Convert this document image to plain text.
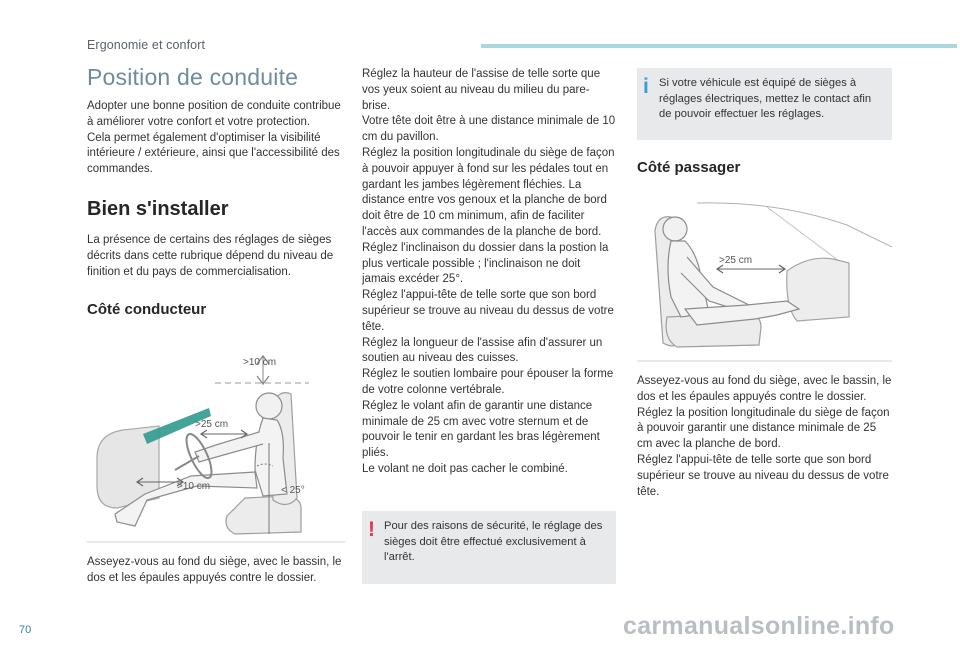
Ergonomie et confort
Position de conduite

Adopter une bonne position de conduite contribue à améliorer votre confort et votre protection.
Cela permet également d'optimiser la visibilité intérieure / extérieure, ainsi que l'accessibilité des commandes.

Bien s'installer

La présence de certains des réglages de sièges décrits dans cette rubrique dépend du niveau de finition et du pays de commercialisation.

Côté conducteur
>10 cm
>25 cm
>10 cm	< 25°

Asseyez-vous au fond du siège, avec le bassin, le dos et les épaules appuyés contre le dossier.

Réglez la hauteur de l'assise de telle sorte que vos yeux soient au niveau du milieu du pare-brise.
Votre tête doit être à une distance minimale de 10 cm du pavillon.
Réglez la position longitudinale du siège de façon à pouvoir appuyer à fond sur les pédales tout en gardant les jambes légèrement fléchies. La distance entre vos genoux et la planche de bord doit être de 10 cm minimum, afin de faciliter l'accès aux commandes de la planche de bord.
Réglez l'inclinaison du dossier dans la postion la plus verticale possible ; l'inclinaison ne doit jamais excéder 25°.
Réglez l'appui-tête de telle sorte que son bord supérieur se trouve au niveau du dessus de votre tête.
Réglez la longueur de l'assise afin d'assurer un soutien au niveau des cuisses.
Réglez le soutien lombaire pour épouser la forme de votre colonne vertébrale.
Réglez le volant afin de garantir une distance minimale de 25 cm avec votre sternum et de pouvoir le tenir en gardant les bras légèrement pliés.
Le volant ne doit pas cacher le combiné.

! Pour des raisons de sécurité, le réglage des sièges doit être effectué exclusivement à l'arrêt.
i Si votre véhicule est équipé de sièges à réglages électriques, mettez le contact afin de pouvoir effectuer les réglages.
Côté passager
>25 cm

Asseyez-vous au fond du siège, avec le bassin, le dos et les épaules appuyés contre le dossier.
Réglez la position longitudinale du siège de façon à pouvoir garantir une distance minimale de 25 cm avec la planche de bord.
Réglez l'appui-tête de telle sorte que son bord supérieur se trouve au niveau du dessus de votre tête.

70	carmanualsonline.info
